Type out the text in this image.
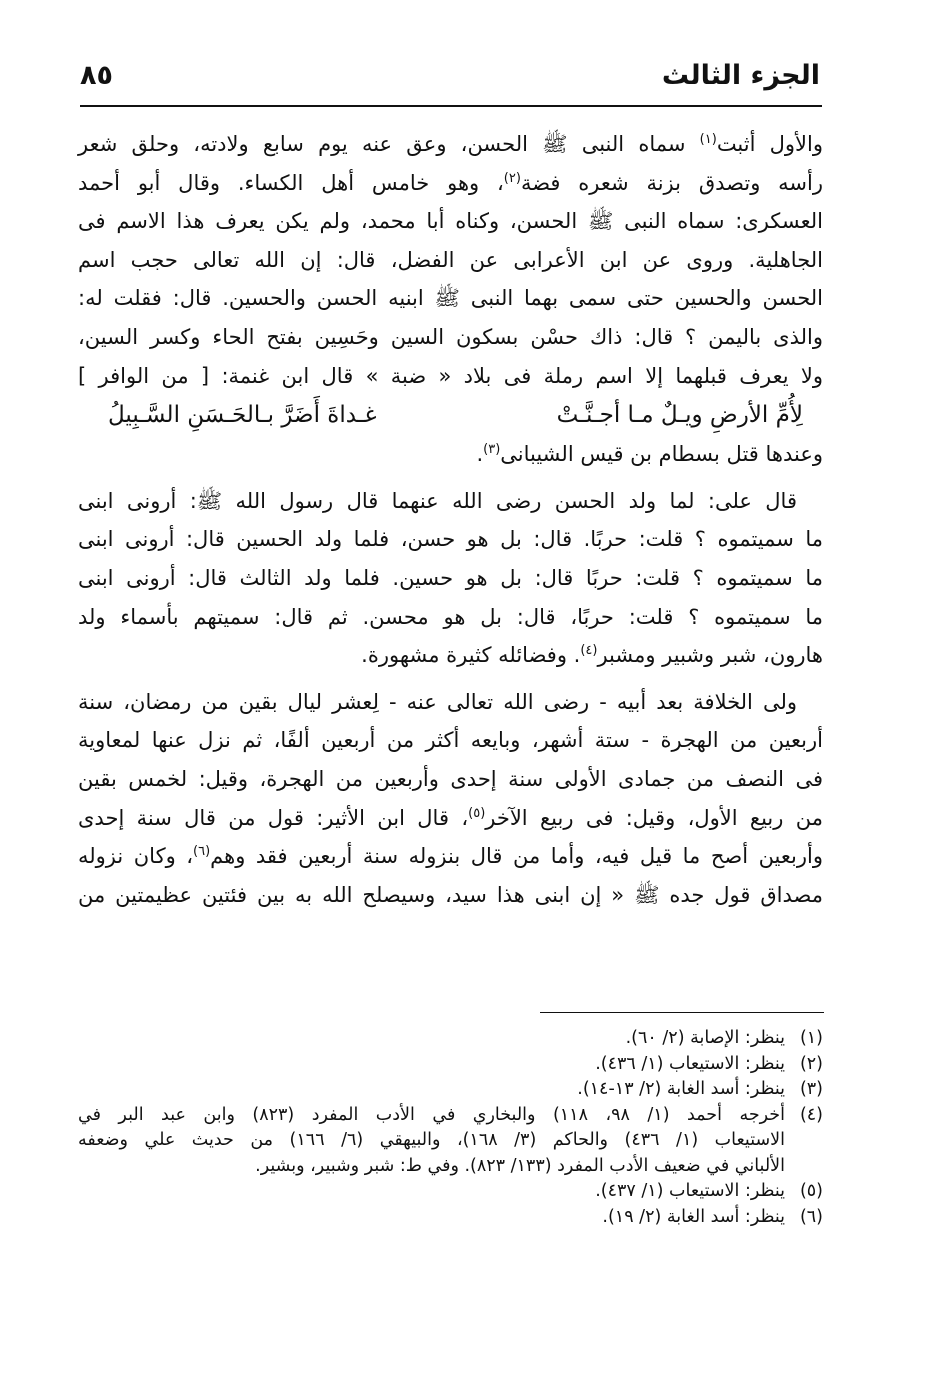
الجزء الثالث
٨٥
والأول أثبت$^{(١)}$ سماه النبى ﷺ الحسن، وعق عنه يوم سابع ولادته، وحلق شعر
رأسه وتصدق بزنة شعره فضة$^{(٢)}$، وهو خامس أهل الكساء. وقال أبو أحمد
العسكرى: سماه النبى ﷺ الحسن، وكناه أبا محمد، ولم يكن يعرف هذا الاسم فى
الجاهلية. وروى عن ابن الأعرابى عن الفضل، قال: إن الله تعالى حجب اسم
الحسن والحسين حتى سمى بهما النبى ﷺ ابنيه الحسن والحسين. قال: فقلت له:
والذى باليمن ؟ قال: ذاك حسْن بسكون السين وحَسِين بفتح الحاء وكسر السين،
ولا يعرف قبلهما إلا اسم رملة فى بلاد « ضبة » قال ابن غنمة: [ من الوافر ]
لِأُمِّ الأرضِ ويـلٌ مـا أجـنَّـتْ
غـداةَ أَضَرَّ بـالحَـسَنِ السَّـبِيلُ
وعندها قتل بسطام بن قيس الشيبانى$^{(٣)}$.
قال على: لما ولد الحسن رضى الله عنهما قال رسول الله ﷺ: أرونى ابنى
ما سميتموه ؟ قلت: حربًا. قال: بل هو حسن، فلما ولد الحسين قال: أرونى ابنى
ما سميتموه ؟ قلت: حربًا قال: بل هو حسين. فلما ولد الثالث قال: أرونى ابنى
ما سميتموه ؟ قلت: حربًا، قال: بل هو محسن. ثم قال: سميتهم بأسماء ولد
هارون، شبر وشبير ومشبر$^{(٤)}$. وفضائله كثيرة مشهورة.
ولى الخلافة بعد أبيه - رضى الله تعالى عنه - لِعشر ليال بقين من رمضان، سنة
أربعين من الهجرة - ستة أشهر، وبايعه أكثر من أربعين ألفًا، ثم نزل عنها لمعاوية
فى النصف من جمادى الأولى سنة إحدى وأربعين من الهجرة، وقيل: لخمس بقين
من ربيع الأول، وقيل: فى ربيع الآخر$^{(٥)}$، قال ابن الأثير: قول من قال سنة إحدى
وأربعين أصح ما قيل فيه، وأما من قال بنزوله سنة أربعين فقد وهم$^{(٦)}$، وكان نزوله
مصداق قول جده ﷺ « إن ابنى هذا سيد، وسيصلح الله به بين فئتين عظيمتين من
(١)
ينظر: الإصابة (٢/ ٦٠).
(٢)
ينظر: الاستيعاب (١/ ٤٣٦).
(٣)
ينظر: أسد الغابة (٢/ ١٣-١٤).
(٤)
أخرجه أحمد (١/ ٩٨، ١١٨) والبخاري في الأدب المفرد (٨٢٣) وابن عبد البر في
الاستيعاب (١/ ٤٣٦) والحاكم (٣/ ١٦٨)، والبيهقي (٦/ ١٦٦) من حديث علي وضعفه
الألباني في ضعيف الأدب المفرد (١٣٣/ ٨٢٣). وفي ط: شبر وشبير، وبشير.
(٥)
ينظر: الاستيعاب (١/ ٤٣٧).
(٦)
ينظر: أسد الغابة (٢/ ١٩).
